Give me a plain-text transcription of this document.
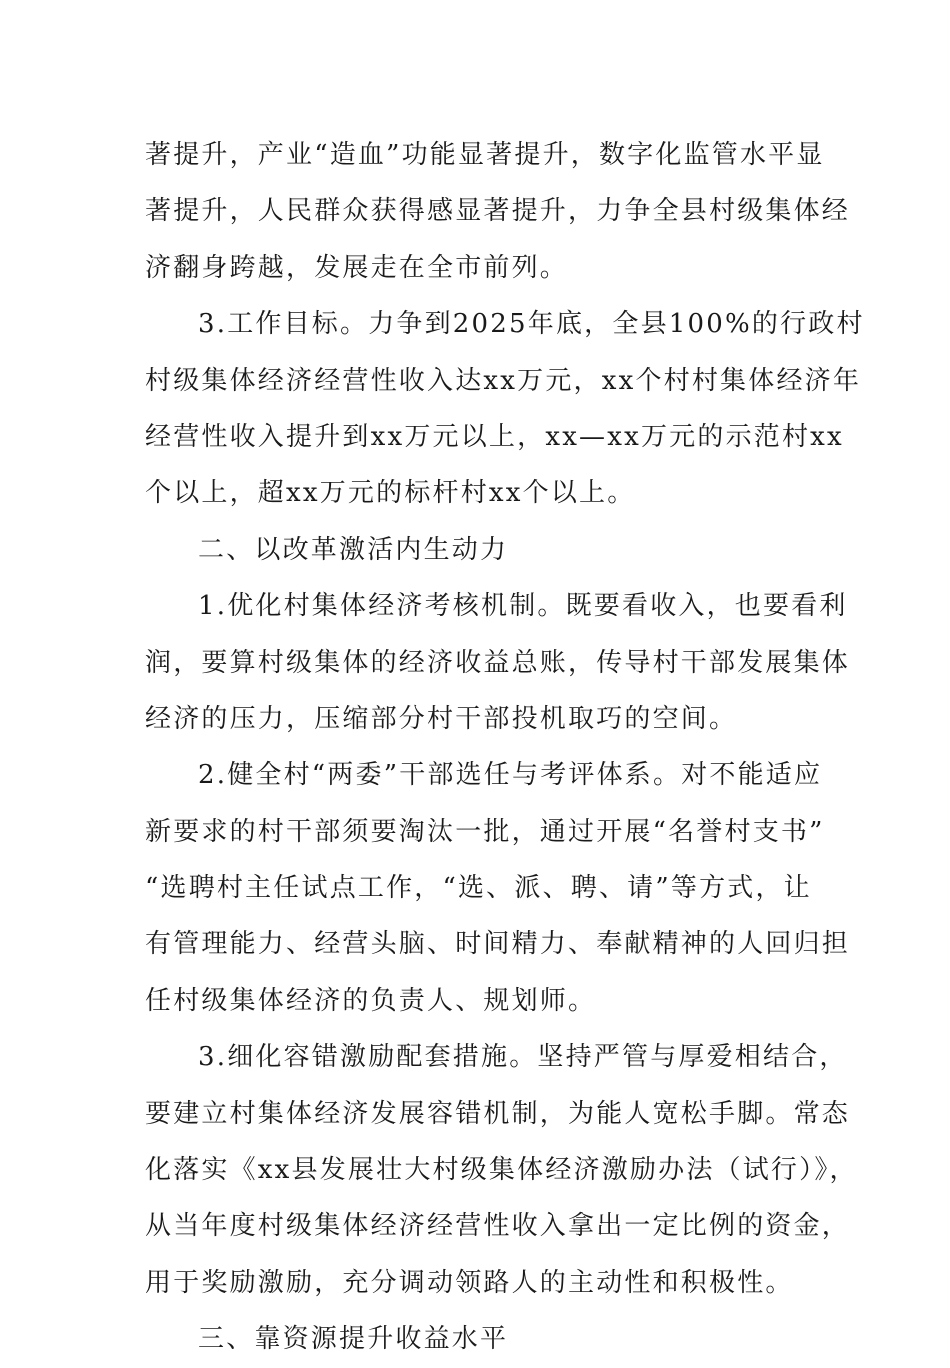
著提升，产业“造血”功能显著提升，数字化监管水平显
著提升，人民群众获得感显著提升，力争全县村级集体经
济翻身跨越，发展走在全市前列。
3.工作目标。力争到2025年底，全县100%的行政村
村级集体经济经营性收入达xx万元，xx个村村集体经济年
经营性收入提升到xx万元以上，xx—xx万元的示范村xx
个以上，超xx万元的标杆村xx个以上。
二、以改革激活内生动力
1.优化村集体经济考核机制。既要看收入，也要看利
润，要算村级集体的经济收益总账，传导村干部发展集体
经济的压力，压缩部分村干部投机取巧的空间。
2.健全村“两委”干部选任与考评体系。对不能适应
新要求的村干部须要淘汰一批，通过开展“名誉村支书”
“选聘村主任试点工作，“选、派、聘、请”等方式，让
有管理能力、经营头脑、时间精力、奉献精神的人回归担
任村级集体经济的负责人、规划师。
3.细化容错激励配套措施。坚持严管与厚爱相结合，
要建立村集体经济发展容错机制，为能人宽松手脚。常态
化落实《xx县发展壮大村级集体经济激励办法（试行）》，
从当年度村级集体经济经营性收入拿出一定比例的资金，
用于奖励激励，充分调动领路人的主动性和积极性。
三、靠资源提升收益水平
